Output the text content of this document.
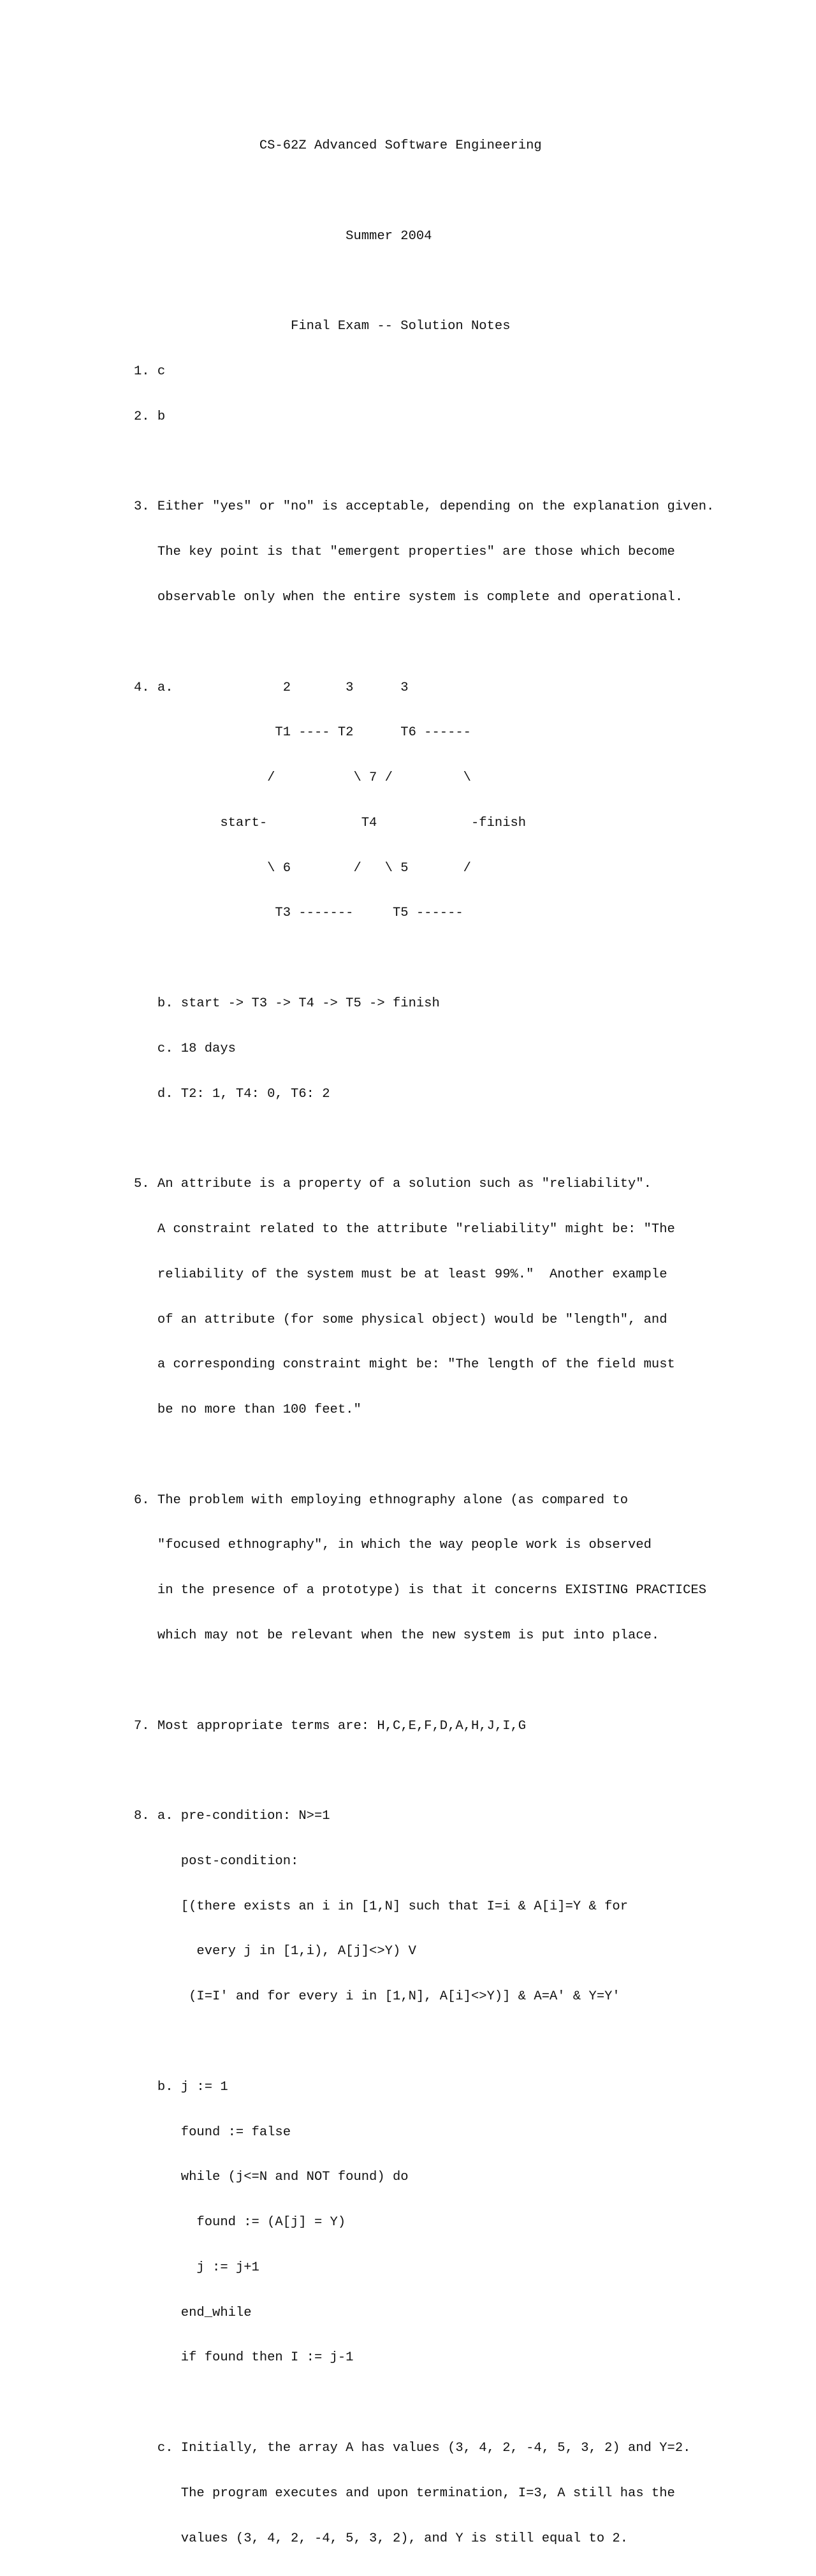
CS-62Z Advanced Software Engineering

Summer 2004

Final Exam -- Solution Notes

1. c

2. b

3. Either "yes" or "no" is acceptable, depending on the explanation given.

The key point is that "emergent properties" are those which become

observable only when the entire system is complete and operational.

4. a.              2       3      3

T1 ---- T2      T6 ------

/          \ 7 /         \

start-            T4            -finish

\ 6        /   \ 5       /

T3 -------     T5 ------

b. start -> T3 -> T4 -> T5 -> finish

c. 18 days

d. T2: 1, T4: 0, T6: 2

5. An attribute is a property of a solution such as "reliability".

A constraint related to the attribute "reliability" might be: "The

reliability of the system must be at least 99%."  Another example

of an attribute (for some physical object) would be "length", and

a corresponding constraint might be: "The length of the field must

be no more than 100 feet."

6. The problem with employing ethnography alone (as compared to

"focused ethnography", in which the way people work is observed

in the presence of a prototype) is that it concerns EXISTING PRACTICES

which may not be relevant when the new system is put into place.

7. Most appropriate terms are: H,C,E,F,D,A,H,J,I,G

8. a. pre-condition: N>=1

post-condition:

[(there exists an i in [1,N] such that I=i & A[i]=Y & for

every j in [1,i), A[j]<>Y) V

(I=I' and for every i in [1,N], A[i]<>Y)] & A=A' & Y=Y'

b. j := 1

found := false

while (j<=N and NOT found) do

found := (A[j] = Y)

j := j+1

end_while

if found then I := j-1

c. Initially, the array A has values (3, 4, 2, -4, 5, 3, 2) and Y=2.

The program executes and upon termination, I=3, A still has the

values (3, 4, 2, -4, 5, 3, 2), and Y is still equal to 2.
